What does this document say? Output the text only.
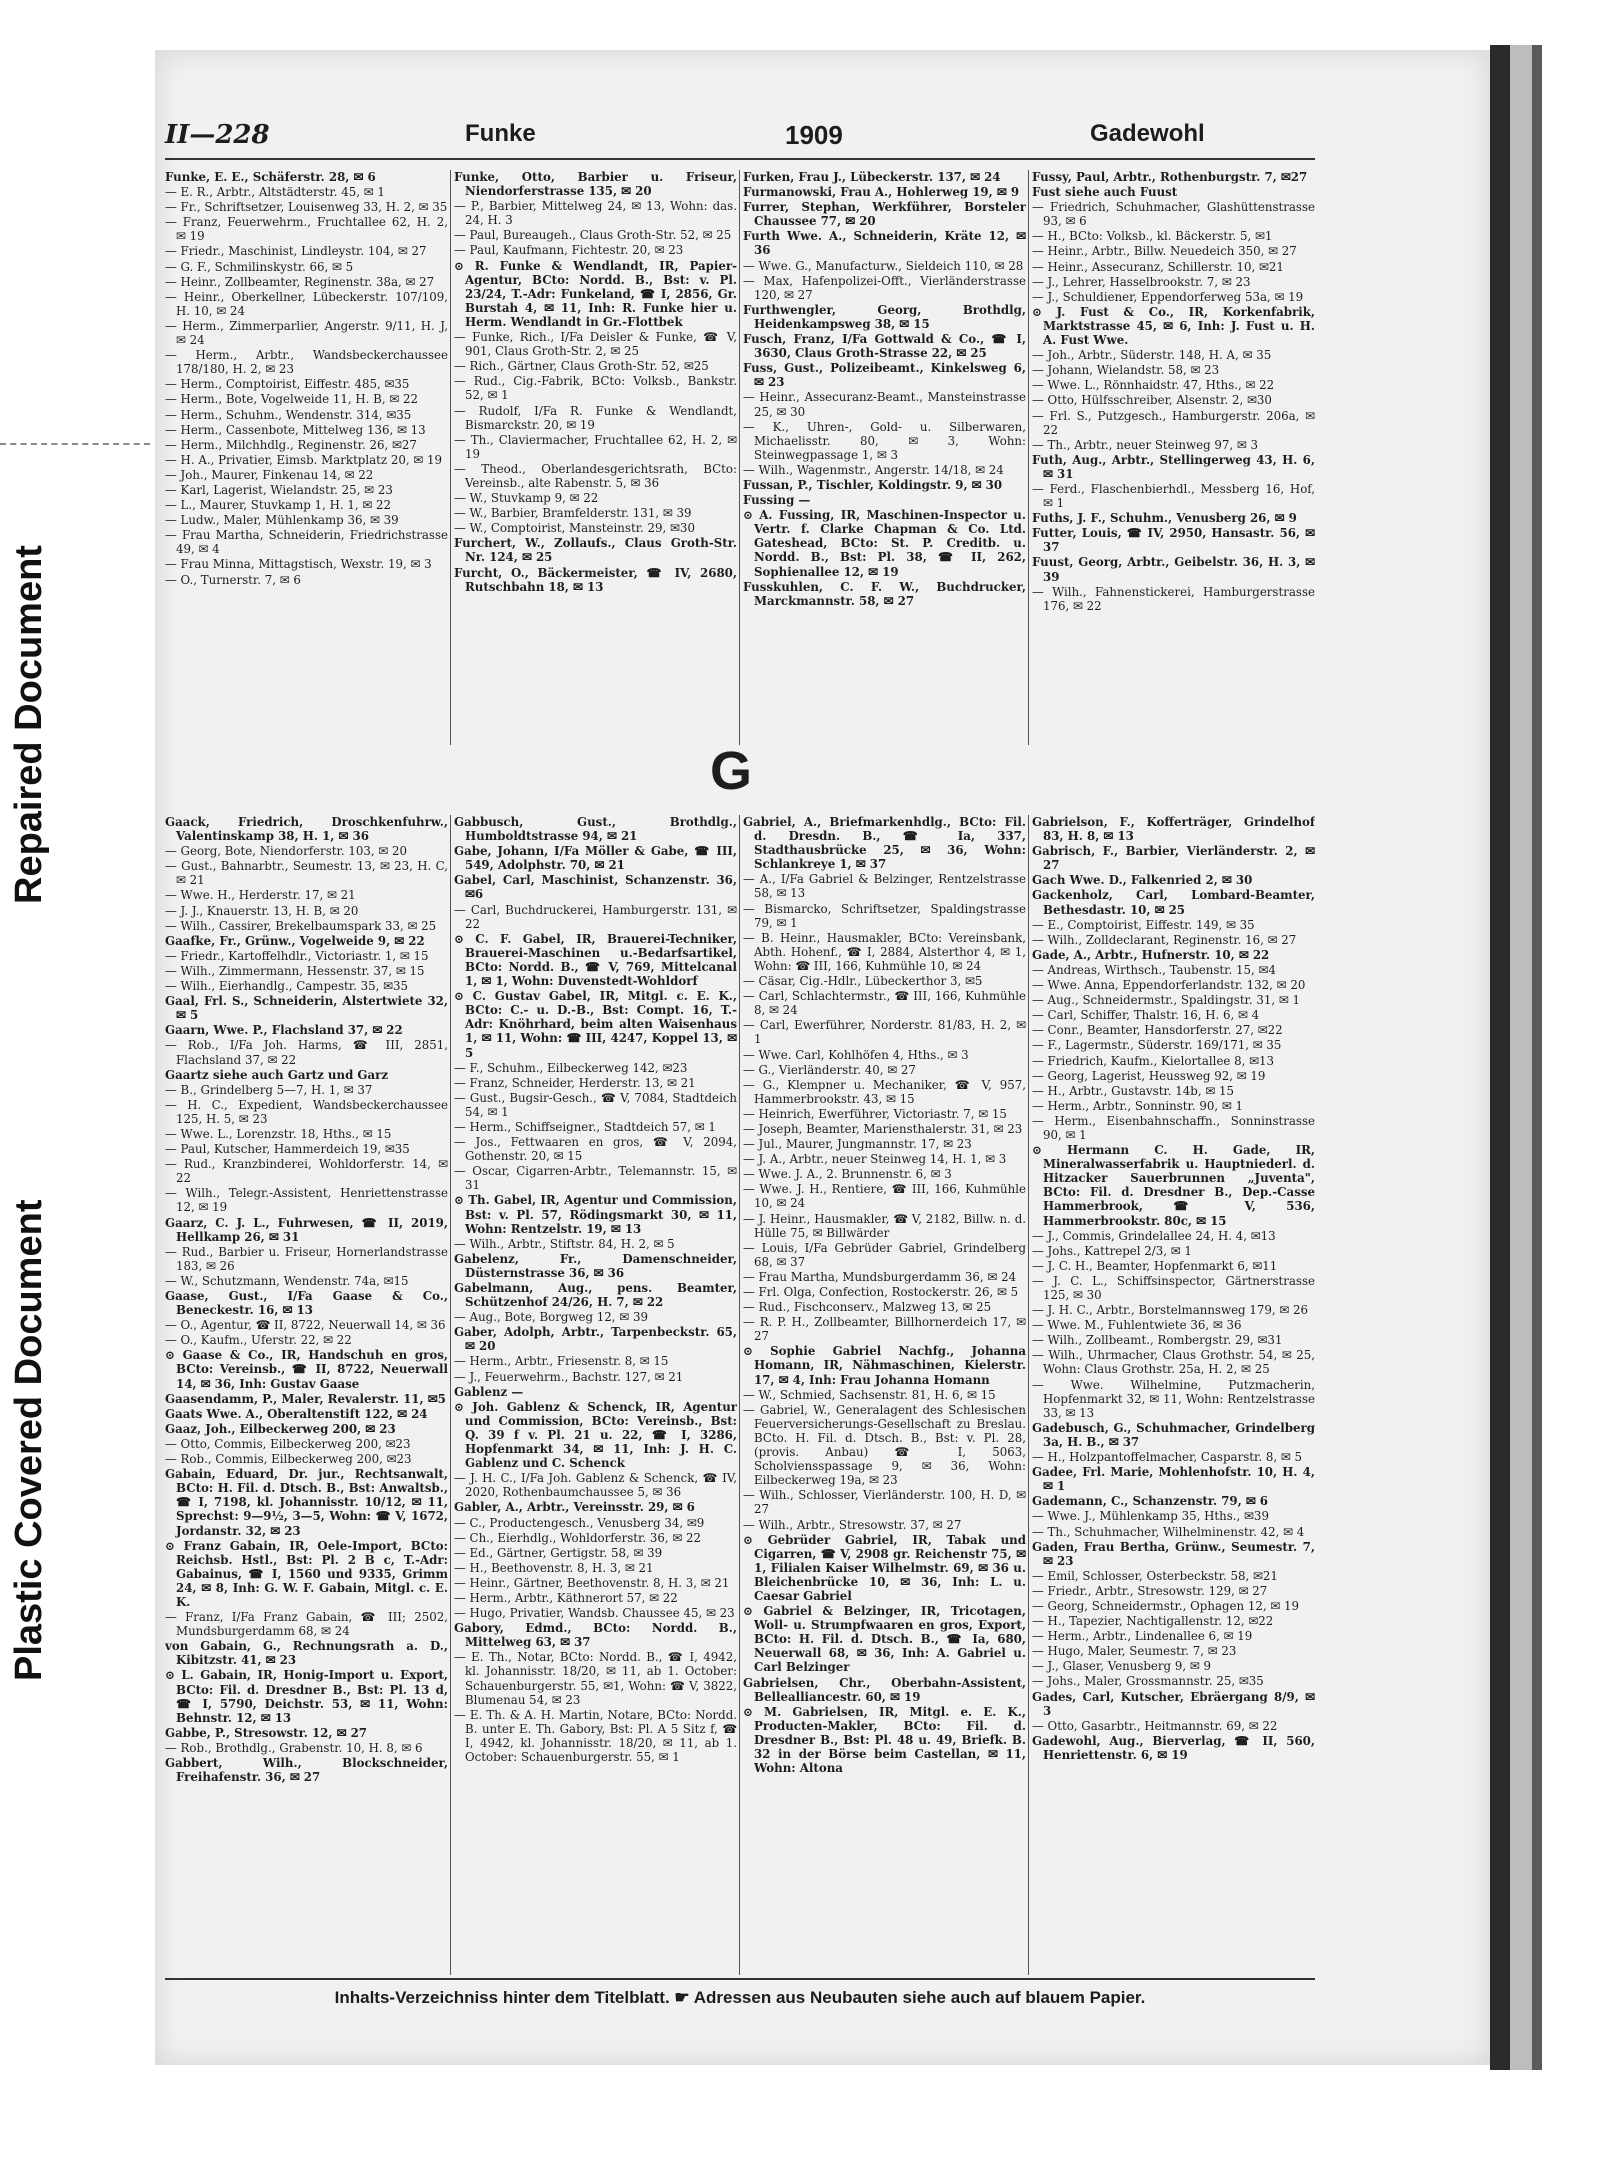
Repaired Document
Plastic Covered Document
II—228	Funke	1909	Gadewohl

Funke, E. E., Schäferstr. 28, ✉ 6

— E. R., Arbtr., Altstädterstr. 45, ✉ 1

— Fr., Schriftsetzer, Louisenweg 33, H. 2, ✉ 35

— Franz, Feuerwehrm., Fruchtallee 62, H. 2, ✉ 19

— Friedr., Maschinist, Lindleystr. 104, ✉ 27

— G. F., Schmilinskystr. 66, ✉ 5

— Heinr., Zollbeamter, Reginenstr. 38a, ✉ 27

— Heinr., Oberkellner, Lübeckerstr. 107/109, H. 10, ✉ 24

— Herm., Zimmerparlier, Angerstr. 9/11, H. J, ✉ 24

— Herm., Arbtr., Wandsbeckerchaussee 178/180, H. 2, ✉ 23

— Herm., Comptoirist, Eiffestr. 485, ✉35

— Herm., Bote, Vogelweide 11, H. B, ✉ 22

— Herm., Schuhm., Wendenstr. 314, ✉35

— Herm., Cassenbote, Mittelweg 136, ✉ 13

— Herm., Milchhdlg., Reginenstr. 26, ✉27

— H. A., Privatier, Eimsb. Marktplatz 20, ✉ 19

— Joh., Maurer, Finkenau 14, ✉ 22

— Karl, Lagerist, Wielandstr. 25, ✉ 23

— L., Maurer, Stuvkamp 1, H. 1, ✉ 22

— Ludw., Maler, Mühlenkamp 36, ✉ 39

— Frau Martha, Schneiderin, Friedrichstrasse 49, ✉ 4

— Frau Minna, Mittagstisch, Wexstr. 19, ✉ 3

— O., Turnerstr. 7, ✉ 6

Funke, Otto, Barbier u. Friseur, Niendorferstrasse 135, ✉ 20

— P., Barbier, Mittelweg 24, ✉ 13, Wohn: das. 24, H. 3

— Paul, Bureaugeh., Claus Groth-Str. 52, ✉ 25

— Paul, Kaufmann, Fichtestr. 20, ✉ 23

⊙ R. Funke & Wendlandt, IR, Papier-Agentur, BCto: Nordd. B., Bst: v. Pl. 23/24, T.-Adr: Funkeland, ☎ I, 2856, Gr. Burstah 4, ✉ 11, Inh: R. Funke hier u. Herm. Wendlandt in Gr.-Flottbek

— Funke, Rich., I/Fa Deisler & Funke, ☎ V, 901, Claus Groth-Str. 2, ✉ 25

— Rich., Gärtner, Claus Groth-Str. 52, ✉25

— Rud., Cig.-Fabrik, BCto: Volksb., Bankstr. 52, ✉ 1

— Rudolf, I/Fa R. Funke & Wendlandt, Bismarckstr. 20, ✉ 19

— Th., Claviermacher, Fruchtallee 62, H. 2, ✉ 19

— Theod., Oberlandesgerichtsrath, BCto: Vereinsb., alte Rabenstr. 5, ✉ 36

— W., Stuvkamp 9, ✉ 22

— W., Barbier, Bramfelderstr. 131, ✉ 39

— W., Comptoirist, Mansteinstr. 29, ✉30

Furchert, W., Zollaufs., Claus Groth-Str. Nr. 124, ✉ 25

Furcht, O., Bäckermeister, ☎ IV, 2680, Rutschbahn 18, ✉ 13

Furken, Frau J., Lübeckerstr. 137, ✉ 24

Furmanowski, Frau A., Hohlerweg 19, ✉ 9

Furrer, Stephan, Werkführer, Borsteler Chaussee 77, ✉ 20

Furth Wwe. A., Schneiderin, Kräte 12, ✉ 36

— Wwe. G., Manufacturw., Sieldeich 110, ✉ 28

— Max, Hafenpolizei-Offt., Vierländerstrasse 120, ✉ 27

Furthwengler, Georg, Brothdlg, Heidenkampsweg 38, ✉ 15

Fusch, Franz, I/Fa Gottwald & Co., ☎ I, 3630, Claus Groth-Strasse 22, ✉ 25

Fuss, Gust., Polizeibeamt., Kinkelsweg 6, ✉ 23

— Heinr., Assecuranz-Beamt., Mansteinstrasse 25, ✉ 30

— K., Uhren-, Gold- u. Silberwaren, Michaelisstr. 80, ✉ 3, Wohn: Steinwegpassage 1, ✉ 3

— Wilh., Wagenmstr., Angerstr. 14/18, ✉ 24

Fussan, P., Tischler, Koldingstr. 9, ✉ 30

Fussing —

⊙ A. Fussing, IR, Maschinen-Inspector u. Vertr. f. Clarke Chapman & Co. Ltd. Gateshead, BCto: St. P. Creditb. u. Nordd. B., Bst: Pl. 38, ☎ II, 262, Sophienallee 12, ✉ 19

Fusskuhlen, C. F. W., Buchdrucker, Marckmannstr. 58, ✉ 27

Fussy, Paul, Arbtr., Rothenburgstr. 7, ✉27

Fust siehe auch Fuust

— Friedrich, Schuhmacher, Glashüttenstrasse 93, ✉ 6

— H., BCto: Volksb., kl. Bäckerstr. 5, ✉1

— Heinr., Arbtr., Billw. Neuedeich 350, ✉ 27

— Heinr., Assecuranz, Schillerstr. 10, ✉21

— J., Lehrer, Hasselbrookstr. 7, ✉ 23

— J., Schuldiener, Eppendorferweg 53a, ✉ 19

⊙ J. Fust & Co., IR, Korkenfabrik, Marktstrasse 45, ✉ 6, Inh: J. Fust u. H. A. Fust Wwe.

— Joh., Arbtr., Süderstr. 148, H. A, ✉ 35

— Johann, Wielandstr. 58, ✉ 23

— Wwe. L., Rönnhaidstr. 47, Hths., ✉ 22

— Otto, Hülfsschreiber, Alsenstr. 2, ✉30

— Frl. S., Putzgesch., Hamburgerstr. 206a, ✉ 22

— Th., Arbtr., neuer Steinweg 97, ✉ 3

Futh, Aug., Arbtr., Stellingerweg 43, H. 6, ✉ 31

— Ferd., Flaschenbierhdl., Messberg 16, Hof, ✉ 1

Fuths, J. F., Schuhm., Venusberg 26, ✉ 9

Futter, Louis, ☎ IV, 2950, Hansastr. 56, ✉ 37

Fuust, Georg, Arbtr., Geibelstr. 36, H. 3, ✉ 39

— Wilh., Fahnenstickerei, Hamburgerstrasse 176, ✉ 22

G

Gaack, Friedrich, Droschkenfuhrw., Valentinskamp 38, H. 1, ✉ 36

— Georg, Bote, Niendorferstr. 103, ✉ 20

— Gust., Bahnarbtr., Seumestr. 13, ✉ 23, H. C, ✉ 21

— Wwe. H., Herderstr. 17, ✉ 21

— J. J., Knauerstr. 13, H. B, ✉ 20

— Wilh., Cassirer, Brekelbaumspark 33, ✉ 25

Gaafke, Fr., Grünw., Vogelweide 9, ✉ 22

— Friedr., Kartoffelhdlr., Victoriastr. 1, ✉ 15

— Wilh., Zimmermann, Hessenstr. 37, ✉ 15

— Wilh., Eierhandlg., Campestr. 35, ✉35

Gaal, Frl. S., Schneiderin, Alstertwiete 32, ✉ 5

Gaarn, Wwe. P., Flachsland 37, ✉ 22

— Rob., I/Fa Joh. Harms, ☎ III, 2851, Flachsland 37, ✉ 22

Gaartz siehe auch Gartz und Garz

— B., Grindelberg 5—7, H. 1, ✉ 37

— H. C., Expedient, Wandsbeckerchaussee 125, H. 5, ✉ 23

— Wwe. L., Lorenzstr. 18, Hths., ✉ 15

— Paul, Kutscher, Hammerdeich 19, ✉35

— Rud., Kranzbinderei, Wohldorferstr. 14, ✉ 22

— Wilh., Telegr.-Assistent, Henriettenstrasse 12, ✉ 19

Gaarz, C. J. L., Fuhrwesen, ☎ II, 2019, Hellkamp 26, ✉ 31

— Rud., Barbier u. Friseur, Hornerlandstrasse 183, ✉ 26

— W., Schutzmann, Wendenstr. 74a, ✉15

Gaase, Gust., I/Fa Gaase & Co., Beneckestr. 16, ✉ 13

— O., Agentur, ☎ II, 8722, Neuerwall 14, ✉ 36

— O., Kaufm., Uferstr. 22, ✉ 22

⊙ Gaase & Co., IR, Handschuh en gros, BCto: Vereinsb., ☎ II, 8722, Neuerwall 14, ✉ 36, Inh: Gustav Gaase

Gaasendamm, P., Maler, Revalerstr. 11, ✉5

Gaats Wwe. A., Oberaltenstift 122, ✉ 24

Gaaz, Joh., Eilbeckerweg 200, ✉ 23

— Otto, Commis, Eilbeckerweg 200, ✉23

— Rob., Commis, Eilbeckerweg 200, ✉23

Gabain, Eduard, Dr. jur., Rechtsanwalt, BCto: H. Fil. d. Dtsch. B., Bst: Anwaltsb., ☎ I, 7198, kl. Johannisstr. 10/12, ✉ 11, Sprechst: 9—9½, 3—5, Wohn: ☎ V, 1672, Jordanstr. 32, ✉ 23

⊙ Franz Gabain, IR, Oele-Import, BCto: Reichsb. Hstl., Bst: Pl. 2 B c, T.-Adr: Gabainus, ☎ I, 1560 und 9335, Grimm 24, ✉ 8, Inh: G. W. F. Gabain, Mitgl. c. E. K.

— Franz, I/Fa Franz Gabain, ☎ III; 2502, Mundsburgerdamm 68, ✉ 24

von Gabain, G., Rechnungsrath a. D., Kibitzstr. 41, ✉ 23

⊙ L. Gabain, IR, Honig-Import u. Export, BCto: Fil. d. Dresdner B., Bst: Pl. 13 d, ☎ I, 5790, Deichstr. 53, ✉ 11, Wohn: Behnstr. 12, ✉ 13

Gabbe, P., Stresowstr. 12, ✉ 27

— Rob., Brothdlg., Grabenstr. 10, H. 8, ✉ 6

Gabbert, Wilh., Blockschneider, Freihafenstr. 36, ✉ 27

Gabbusch, Gust., Brothdlg., Humboldtstrasse 94, ✉ 21

Gabe, Johann, I/Fa Möller & Gabe, ☎ III, 549, Adolphstr. 70, ✉ 21

Gabel, Carl, Maschinist, Schanzenstr. 36, ✉6

— Carl, Buchdruckerei, Hamburgerstr. 131, ✉ 22

⊙ C. F. Gabel, IR, Brauerei-Techniker, Brauerei-Maschinen u.-Bedarfsartikel, BCto: Nordd. B., ☎ V, 769, Mittelcanal 1, ✉ 1, Wohn: Duvenstedt-Wohldorf

⊙ C. Gustav Gabel, IR, Mitgl. c. E. K., BCto: C.- u. D.-B., Bst: Compt. 16, T.-Adr: Knöhrhard, beim alten Waisenhaus 1, ✉ 11, Wohn: ☎ III, 4247, Koppel 13, ✉ 5

— F., Schuhm., Eilbeckerweg 142, ✉23

— Franz, Schneider, Herderstr. 13, ✉ 21

— Gust., Bugsir-Gesch., ☎ V, 7084, Stadtdeich 54, ✉ 1

— Herm., Schiffseigner., Stadtdeich 57, ✉ 1

— Jos., Fettwaaren en gros, ☎ V, 2094, Gothenstr. 20, ✉ 15

— Oscar, Cigarren-Arbtr., Telemannstr. 15, ✉ 31

⊙ Th. Gabel, IR, Agentur und Commission, Bst: v. Pl. 57, Rödingsmarkt 30, ✉ 11, Wohn: Rentzelstr. 19, ✉ 13

— Wilh., Arbtr., Stiftstr. 84, H. 2, ✉ 5

Gabelenz, Fr., Damenschneider, Düsternstrasse 36, ✉ 36

Gabelmann, Aug., pens. Beamter, Schützenhof 24/26, H. 7, ✉ 22

— Aug., Bote, Borgweg 12, ✉ 39

Gaber, Adolph, Arbtr., Tarpenbeckstr. 65, ✉ 20

— Herm., Arbtr., Friesenstr. 8, ✉ 15

— J., Feuerwehrm., Bachstr. 127, ✉ 21

Gablenz —

⊙ Joh. Gablenz & Schenck, IR, Agentur und Commission, BCto: Vereinsb., Bst: Q. 39 f v. Pl. 21 u. 22, ☎ I, 3286, Hopfenmarkt 34, ✉ 11, Inh: J. H. C. Gablenz und C. Schenck

— J. H. C., I/Fa Joh. Gablenz & Schenck, ☎ IV, 2020, Rothenbaumchaussee 5, ✉ 36

Gabler, A., Arbtr., Vereinsstr. 29, ✉ 6

— C., Productengesch., Venusberg 34, ✉9

— Ch., Eierhdlg., Wohldorferstr. 36, ✉ 22

— Ed., Gärtner, Gertigstr. 58, ✉ 39

— H., Beethovenstr. 8, H. 3, ✉ 21

— Heinr., Gärtner, Beethovenstr. 8, H. 3, ✉ 21

— Herm., Arbtr., Käthnerort 57, ✉ 22

— Hugo, Privatier, Wandsb. Chaussee 45, ✉ 23

Gabory, Edmd., BCto: Nordd. B., Mittelweg 63, ✉ 37

— E. Th., Notar, BCto: Nordd. B., ☎ I, 4942, kl. Johannisstr. 18/20, ✉ 11, ab 1. October: Schauenburgerstr. 55, ✉1, Wohn: ☎ V, 3822, Blumenau 54, ✉ 23

— E. Th. & A. H. Martin, Notare, BCto: Nordd. B. unter E. Th. Gabory, Bst: Pl. A 5 Sitz f, ☎ I, 4942, kl. Johannisstr. 18/20, ✉ 11, ab 1. October: Schauenburgerstr. 55, ✉ 1

Gabriel, A., Briefmarkenhdlg., BCto: Fil. d. Dresdn. B., ☎ Ia, 337, Stadthausbrücke 25, ✉ 36, Wohn: Schlankreye 1, ✉ 37

— A., I/Fa Gabriel & Belzinger, Rentzelstrasse 58, ✉ 13

— Bismarcko, Schriftsetzer, Spaldingstrasse 79, ✉ 1

— B. Heinr., Hausmakler, BCto: Vereinsbank, Abth. Hohenf., ☎ I, 2884, Alsterthor 4, ✉ 1, Wohn: ☎ III, 166, Kuhmühle 10, ✉ 24

— Cäsar, Cig.-Hdlr., Lübeckerthor 3, ✉5

— Carl, Schlachtermstr., ☎ III, 166, Kuhmühle 8, ✉ 24

— Carl, Ewerführer, Norderstr. 81/83, H. 2, ✉ 1

— Wwe. Carl, Kohlhöfen 4, Hths., ✉ 3

— G., Vierländerstr. 40, ✉ 27

— G., Klempner u. Mechaniker, ☎ V, 957, Hammerbrookstr. 43, ✉ 15

— Heinrich, Ewerführer, Victoriastr. 7, ✉ 15

— Joseph, Beamter, Mariensthalerstr. 31, ✉ 23

— Jul., Maurer, Jungmannstr. 17, ✉ 23

— J. A., Arbtr., neuer Steinweg 14, H. 1, ✉ 3

— Wwe. J. A., 2. Brunnenstr. 6, ✉ 3

— Wwe. J. H., Rentiere, ☎ III, 166, Kuhmühle 10, ✉ 24

— J. Heinr., Hausmakler, ☎ V, 2182, Billw. n. d. Hülle 75, ✉ Billwärder

— Louis, I/Fa Gebrüder Gabriel, Grindelberg 68, ✉ 37

— Frau Martha, Mundsburgerdamm 36, ✉ 24

— Frl. Olga, Confection, Rostockerstr. 26, ✉ 5

— Rud., Fischconserv., Malzweg 13, ✉ 25

— R. P. H., Zollbeamter, Billhornerdeich 17, ✉ 27

⊙ Sophie Gabriel Nachfg., Johanna Homann, IR, Nähmaschinen, Kielerstr. 17, ✉ 4, Inh: Frau Johanna Homann

— W., Schmied, Sachsenstr. 81, H. 6, ✉ 15

— Gabriel, W., Generalagent des Schlesischen Feuerversicherungs-Gesellschaft zu Breslau. BCto. H. Fil. d. Dtsch. B., Bst: v. Pl. 28, (provis. Anbau) ☎ I, 5063, Scholviensspassage 9, ✉ 36, Wohn: Eilbeckerweg 19a, ✉ 23

— Wilh., Schlosser, Vierländerstr. 100, H. D, ✉ 27

— Wilh., Arbtr., Stresowstr. 37, ✉ 27

⊙ Gebrüder Gabriel, IR, Tabak und Cigarren, ☎ V, 2908 gr. Reichenstr 75, ✉ 1, Filialen Kaiser Wilhelmstr. 69, ✉ 36 u. Bleichenbrücke 10, ✉ 36, Inh: L. u. Caesar Gabriel

⊙ Gabriel & Belzinger, IR, Tricotagen, Woll- u. Strumpfwaaren en gros, Export, BCto: H. Fil. d. Dtsch. B., ☎ Ia, 680, Neuerwall 68, ✉ 36, Inh: A. Gabriel u. Carl Belzinger

Gabrielsen, Chr., Oberbahn-Assistent, Bellealliancestr. 60, ✉ 19

⊙ M. Gabrielsen, IR, Mitgl. e. E. K., Producten-Makler, BCto: Fil. d. Dresdner B., Bst: Pl. 48 u. 49, Briefk. B. 32 in der Börse beim Castellan, ✉ 11, Wohn: Altona

Gabrielson, F., Kofferträger, Grindelhof 83, H. 8, ✉ 13

Gabrisch, F., Barbier, Vierländerstr. 2, ✉ 27

Gach Wwe. D., Falkenried 2, ✉ 30

Gackenholz, Carl, Lombard-Beamter, Bethesdastr. 10, ✉ 25

— E., Comptoirist, Eiffestr. 149, ✉ 35

— Wilh., Zolldeclarant, Reginenstr. 16, ✉ 27

Gade, A., Arbtr., Hufnerstr. 10, ✉ 22

— Andreas, Wirthsch., Taubenstr. 15, ✉4

— Wwe. Anna, Eppendorferlandstr. 132, ✉ 20

— Aug., Schneidermstr., Spaldingstr. 31, ✉ 1

— Carl, Schiffer, Thalstr. 16, H. 6, ✉ 4

— Conr., Beamter, Hansdorferstr. 27, ✉22

— F., Lagermstr., Süderstr. 169/171, ✉ 35

— Friedrich, Kaufm., Kielortallee 8, ✉13

— Georg, Lagerist, Heussweg 92, ✉ 19

— H., Arbtr., Gustavstr. 14b, ✉ 15

— Herm., Arbtr., Sonninstr. 90, ✉ 1

— Herm., Eisenbahnschaffn., Sonninstrasse 90, ✉ 1

⊙ Hermann C. H. Gade, IR, Mineralwasserfabrik u. Hauptniederl. d. Hitzacker Sauerbrunnen „Juventa", BCto: Fil. d. Dresdner B., Dep.-Casse Hammerbrook, ☎ V, 536, Hammerbrookstr. 80c, ✉ 15

— J., Commis, Grindelallee 24, H. 4, ✉13

— Johs., Kattrepel 2/3, ✉ 1

— J. C. H., Beamter, Hopfenmarkt 6, ✉11

— J. C. L., Schiffsinspector, Gärtnerstrasse 125, ✉ 30

— J. H. C., Arbtr., Borstelmannsweg 179, ✉ 26

— Wwe. M., Fuhlentwiete 36, ✉ 36

— Wilh., Zollbeamt., Rombergstr. 29, ✉31

— Wilh., Uhrmacher, Claus Grothstr. 54, ✉ 25, Wohn: Claus Grothstr. 25a, H. 2, ✉ 25

— Wwe. Wilhelmine, Putzmacherin, Hopfenmarkt 32, ✉ 11, Wohn: Rentzelstrasse 33, ✉ 13

Gadebusch, G., Schuhmacher, Grindelberg 3a, H. B., ✉ 37

— H., Holzpantoffelmacher, Casparstr. 8, ✉ 5

Gadee, Frl. Marie, Mohlenhofstr. 10, H. 4, ✉ 1

Gademann, C., Schanzenstr. 79, ✉ 6

— Wwe. J., Mühlenkamp 35, Hths., ✉39

— Th., Schuhmacher, Wilhelminenstr. 42, ✉ 4

Gaden, Frau Bertha, Grünw., Seumestr. 7, ✉ 23

— Emil, Schlosser, Osterbeckstr. 58, ✉21

— Friedr., Arbtr., Stresowstr. 129, ✉ 27

— Georg, Schneidermstr., Ophagen 12, ✉ 19

— H., Tapezier, Nachtigallenstr. 12, ✉22

— Herm., Arbtr., Lindenallee 6, ✉ 19

— Hugo, Maler, Seumestr. 7, ✉ 23

— J., Glaser, Venusberg 9, ✉ 9

— Johs., Maler, Grossmannstr. 25, ✉35

Gades, Carl, Kutscher, Ebräergang 8/9, ✉ 3

— Otto, Gasarbtr., Heitmannstr. 69, ✉ 22

Gadewohl, Aug., Bierverlag, ☎ II, 560, Henriettenstr. 6, ✉ 19

Inhalts-Verzeichniss hinter dem Titelblatt. ☛ Adressen aus Neubauten siehe auch auf blauem Papier.
